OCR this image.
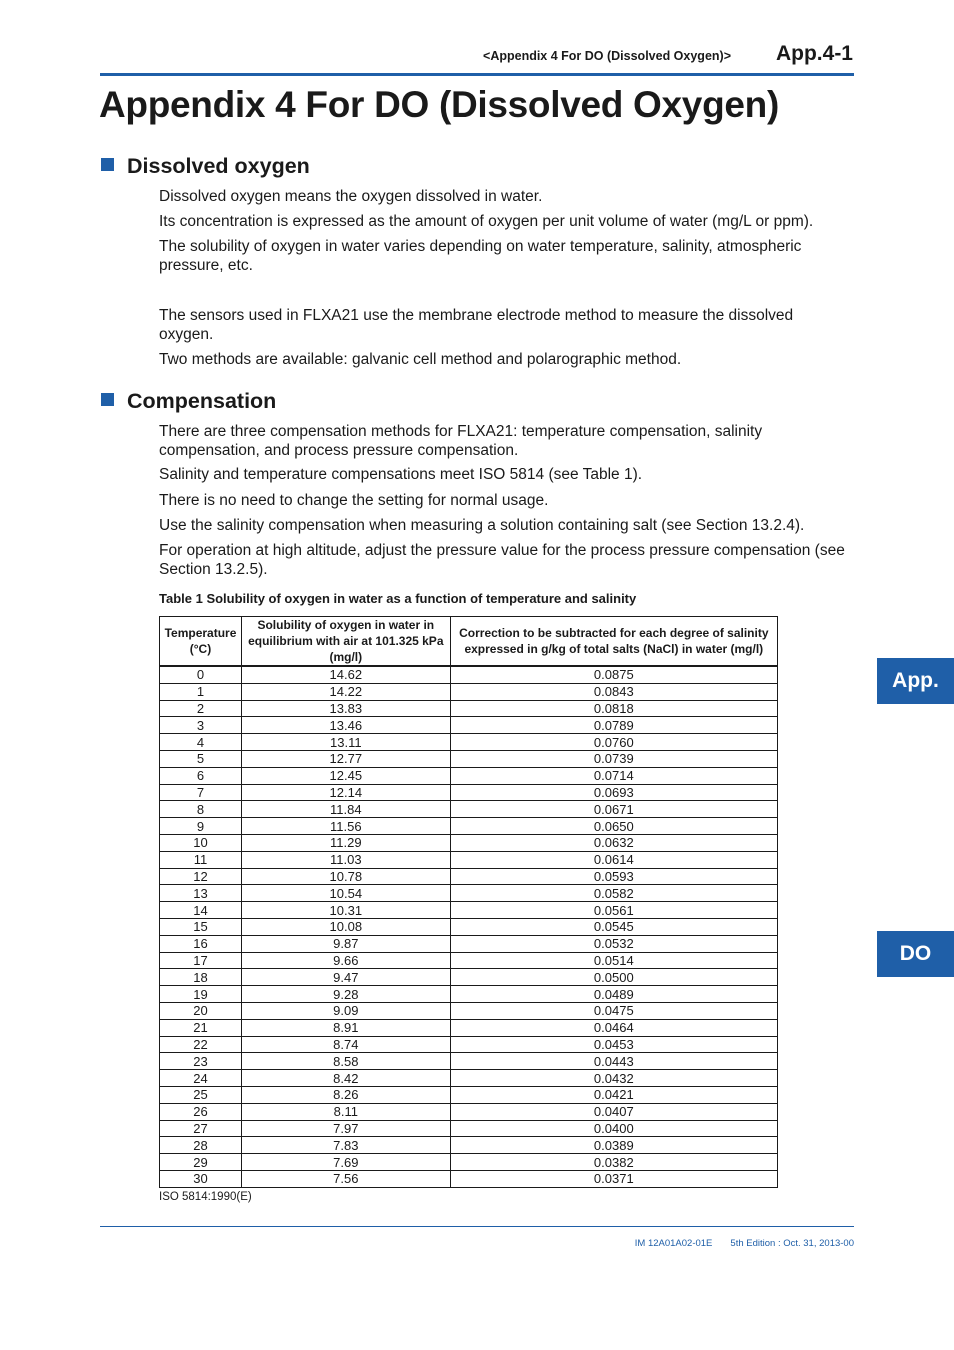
<Appendix 4 For DO (Dissolved Oxygen)> App.4-1
Appendix 4 For DO (Dissolved Oxygen)
Dissolved oxygen
Dissolved oxygen means the oxygen dissolved in water.
Its concentration is expressed as the amount of oxygen per unit volume of water (mg/L or ppm).
The solubility of oxygen in water varies depending on water temperature, salinity, atmospheric pressure, etc.
The sensors used in FLXA21 use the membrane electrode method to measure the dissolved oxygen.
Two methods are available: galvanic cell method and polarographic method.
Compensation
There are three compensation methods for FLXA21: temperature compensation, salinity compensation, and process pressure compensation.
Salinity and temperature compensations meet ISO 5814 (see Table 1).
There is no need to change the setting for normal usage.
Use the salinity compensation when measuring a solution containing salt (see Section 13.2.4).
For operation at high altitude, adjust the pressure value for the process pressure compensation (see Section 13.2.5).
Table 1 Solubility of oxygen in water as a function of temperature and salinity
Temperature (°C)	Solubility of oxygen in water in equilibrium with air at 101.325 kPa (mg/l)	Correction to be subtracted for each degree of salinity expressed in g/kg of total salts (NaCl) in water (mg/l)
0	14.62	0.0875
1	14.22	0.0843
2	13.83	0.0818
3	13.46	0.0789
4	13.11	0.0760
5	12.77	0.0739
6	12.45	0.0714
7	12.14	0.0693
8	11.84	0.0671
9	11.56	0.0650
10	11.29	0.0632
11	11.03	0.0614
12	10.78	0.0593
13	10.54	0.0582
14	10.31	0.0561
15	10.08	0.0545
16	9.87	0.0532
17	9.66	0.0514
18	9.47	0.0500
19	9.28	0.0489
20	9.09	0.0475
21	8.91	0.0464
22	8.74	0.0453
23	8.58	0.0443
24	8.42	0.0432
25	8.26	0.0421
26	8.11	0.0407
27	7.97	0.0400
28	7.83	0.0389
29	7.69	0.0382
30	7.56	0.0371
ISO 5814:1990(E)
IM 12A01A02-01E 5th Edition : Oct. 31, 2013-00
App.
DO
